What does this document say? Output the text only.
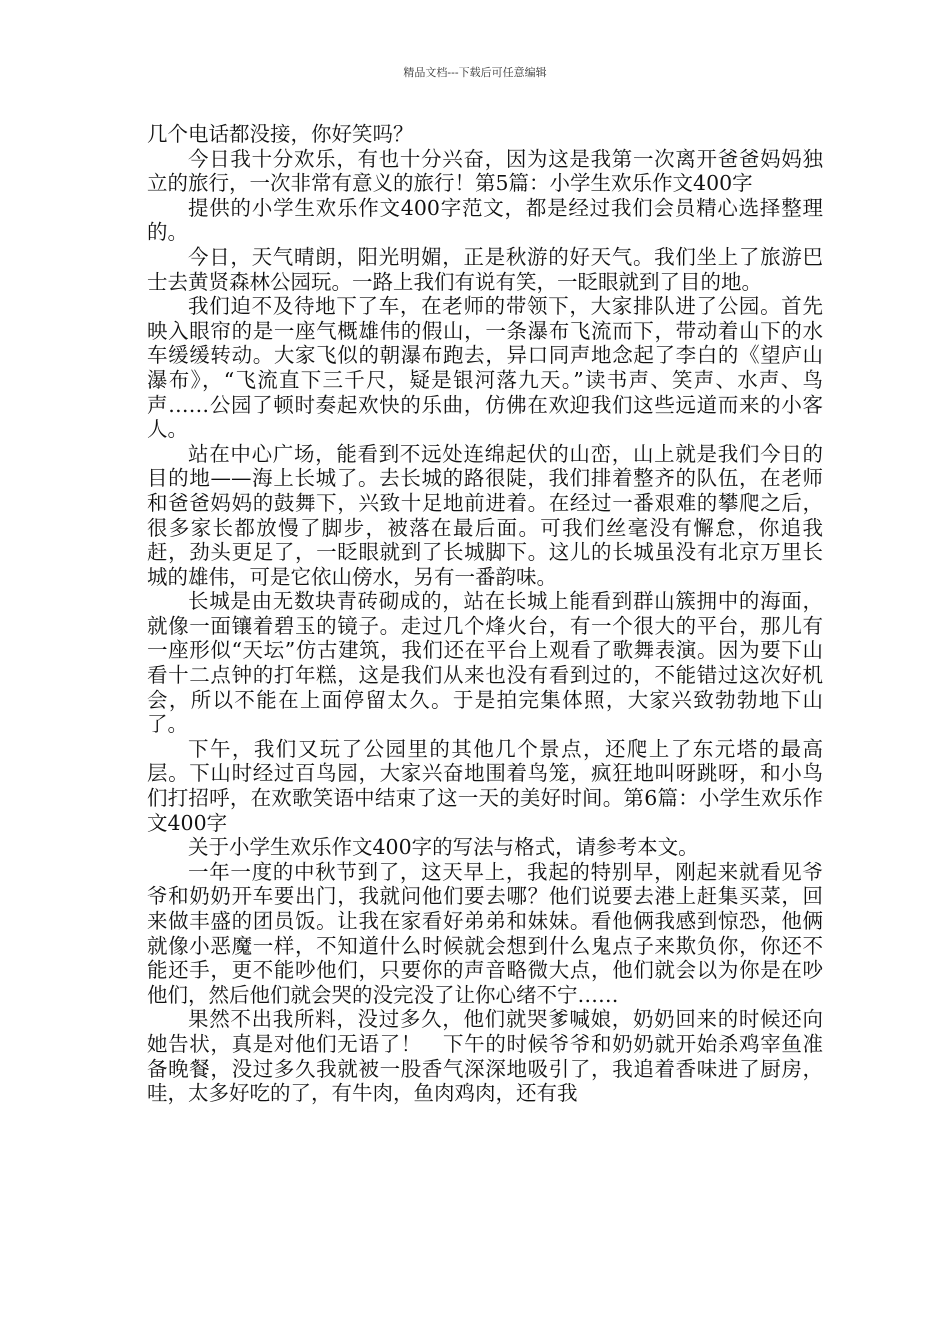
精品文档---下载后可任意编辑

几个电话都没接，你好笑吗？

今日我十分欢乐，有也十分兴奋，因为这是我第一次离开爸爸妈妈独立的旅行，一次非常有意义的旅行！第5篇：小学生欢乐作文400字

提供的小学生欢乐作文400字范文，都是经过我们会员精心选择整理的。

今日，天气晴朗，阳光明媚，正是秋游的好天气。我们坐上了旅游巴士去黄贤森林公园玩。一路上我们有说有笑，一眨眼就到了目的地。

我们迫不及待地下了车，在老师的带领下，大家排队进了公园。首先映入眼帘的是一座气概雄伟的假山，一条瀑布飞流而下，带动着山下的水车缓缓转动。大家飞似的朝瀑布跑去，异口同声地念起了李白的《望庐山瀑布》，“飞流直下三千尺，疑是银河落九天。”读书声、笑声、水声、鸟声……公园了顿时奏起欢快的乐曲，仿佛在欢迎我们这些远道而来的小客人。

站在中心广场，能看到不远处连绵起伏的山峦，山上就是我们今日的目的地——海上长城了。去长城的路很陡，我们排着整齐的队伍，在老师和爸爸妈妈的鼓舞下，兴致十足地前进着。在经过一番艰难的攀爬之后，很多家长都放慢了脚步，被落在最后面。可我们丝毫没有懈怠，你追我赶，劲头更足了，一眨眼就到了长城脚下。这儿的长城虽没有北京万里长城的雄伟，可是它依山傍水，另有一番韵味。

长城是由无数块青砖砌成的，站在长城上能看到群山簇拥中的海面，就像一面镶着碧玉的镜子。走过几个烽火台，有一个很大的平台，那儿有一座形似“天坛”仿古建筑，我们还在平台上观看了歌舞表演。因为要下山看十二点钟的打年糕，这是我们从来也没有看到过的，不能错过这次好机会，所以不能在上面停留太久。于是拍完集体照，大家兴致勃勃地下山了。

下午，我们又玩了公园里的其他几个景点，还爬上了东元塔的最高层。下山时经过百鸟园，大家兴奋地围着鸟笼，疯狂地叫呀跳呀，和小鸟们打招呼，在欢歌笑语中结束了这一天的美好时间。第6篇：小学生欢乐作文400字

关于小学生欢乐作文400字的写法与格式，请参考本文。

一年一度的中秋节到了，这天早上，我起的特别早，刚起来就看见爷爷和奶奶开车要出门，我就问他们要去哪？他们说要去港上赶集买菜，回来做丰盛的团员饭。让我在家看好弟弟和妹妹。看他俩我感到惊恐，他俩就像小恶魔一样，不知道什么时候就会想到什么鬼点子来欺负你，你还不能还手，更不能吵他们，只要你的声音略微大点，他们就会以为你是在吵他们，然后他们就会哭的没完没了让你心绪不宁……

果然不出我所料，没过多久，他们就哭爹喊娘，奶奶回来的时候还向她告状，真是对他们无语了！　下午的时候爷爷和奶奶就开始杀鸡宰鱼准备晚餐，没过多久我就被一股香气深深地吸引了，我追着香味进了厨房，哇，太多好吃的了，有牛肉，鱼肉鸡肉，还有我
